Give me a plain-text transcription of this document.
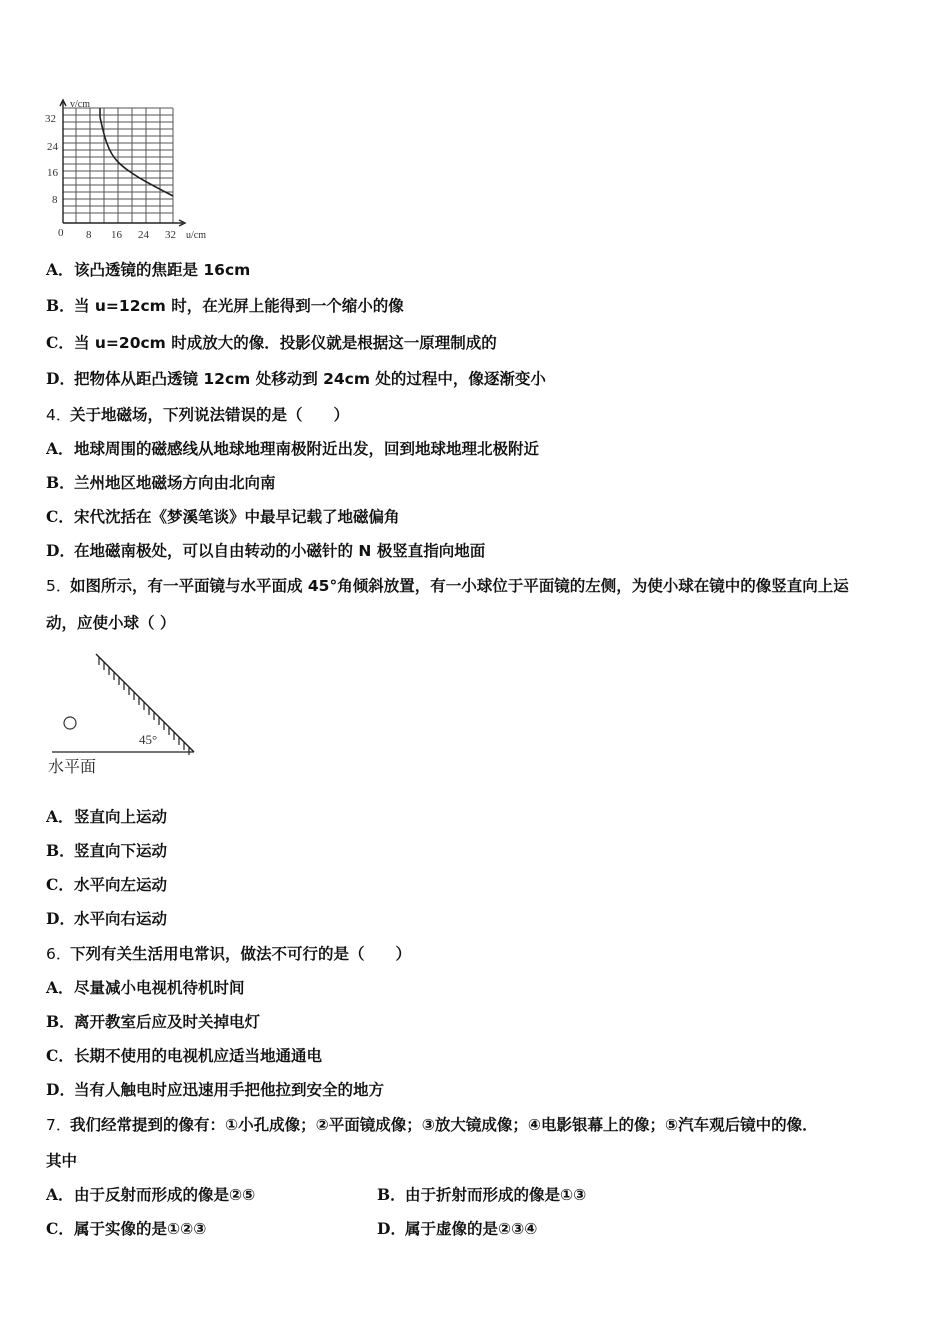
v/cm
32
24
16
8
0 8 16 24 32 u/cm
A．该凸透镜的焦距是 16cm
B．当 u=12cm 时，在光屏上能得到一个缩小的像
C．当 u=20cm 时成放大的像．投影仪就是根据这一原理制成的
D．把物体从距凸透镜 12cm 处移动到 24cm 处的过程中，像逐渐变小
4．关于地磁场，下列说法错误的是（　　）
A．地球周围的磁感线从地球地理南极附近出发，回到地球地理北极附近
B．兰州地区地磁场方向由北向南
C．宋代沈括在《梦溪笔谈》中最早记载了地磁偏角
D．在地磁南极处，可以自由转动的小磁针的 N 极竖直指向地面
5．如图所示，有一平面镜与水平面成 45°角倾斜放置，有一小球位于平面镜的左侧，为使小球在镜中的像竖直向上运
动，应使小球（ ）
45°
水平面
A．竖直向上运动
B．竖直向下运动
C．水平向左运动
D．水平向右运动
6．下列有关生活用电常识，做法不可行的是（　　）
A．尽量减小电视机待机时间
B．离开教室后应及时关掉电灯
C．长期不使用的电视机应适当地通通电
D．当有人触电时应迅速用手把他拉到安全的地方
7．我们经常提到的像有：①小孔成像；②平面镜成像；③放大镜成像；④电影银幕上的像；⑤汽车观后镜中的像．
其中
A．由于反射而形成的像是②⑤	B．由于折射而形成的像是①③
C．属于实像的是①②③	D．属于虚像的是②③④
